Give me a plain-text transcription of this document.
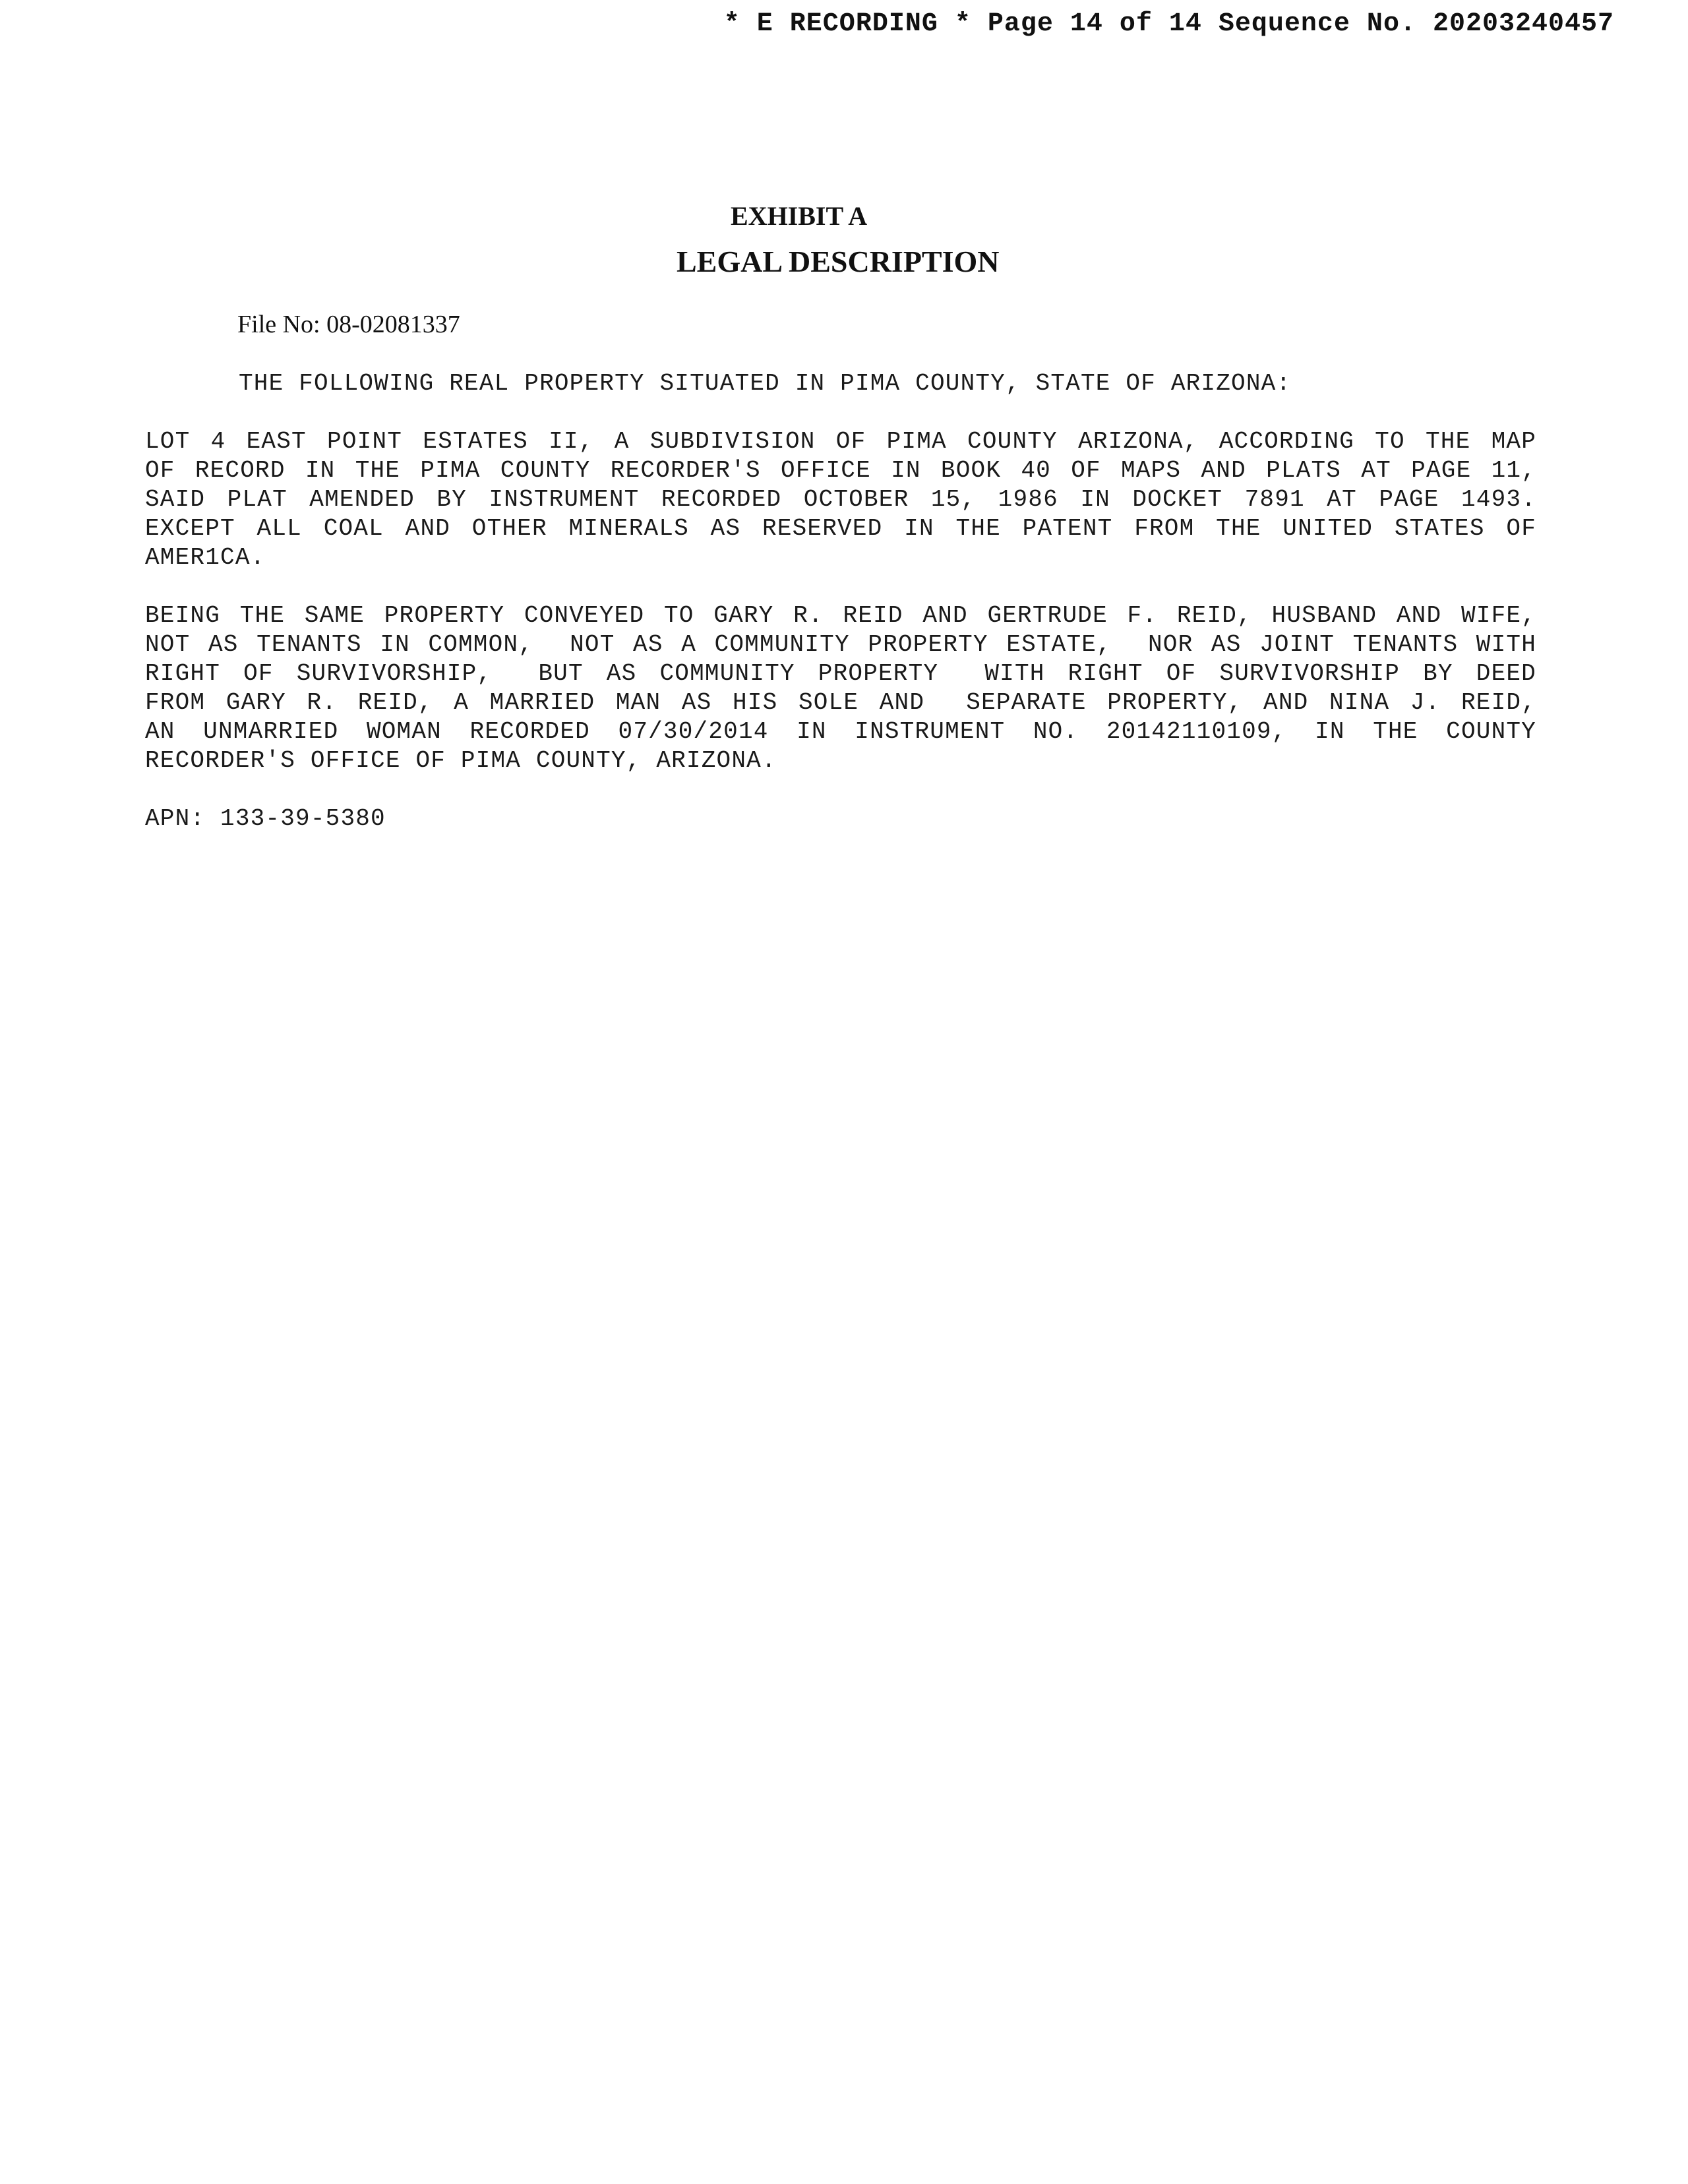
* E RECORDING * Page 14 of 14 Sequence No. 20203240457
EXHIBIT A
LEGAL DESCRIPTION
File No: 08-02081337
THE FOLLOWING REAL PROPERTY SITUATED IN PIMA COUNTY, STATE OF ARIZONA:
LOT 4 EAST POINT ESTATES II, A SUBDIVISION OF PIMA COUNTY ARIZONA, ACCORDING TO THE MAP
OF RECORD IN THE PIMA COUNTY RECORDER'S OFFICE IN BOOK 40 OF MAPS AND PLATS AT PAGE 11,
SAID PLAT AMENDED BY INSTRUMENT RECORDED OCTOBER 15, 1986 IN DOCKET 7891 AT PAGE 1493.
EXCEPT ALL COAL AND OTHER MINERALS AS RESERVED IN THE PATENT FROM THE UNITED STATES OF
AMER1CA.
BEING THE SAME PROPERTY CONVEYED TO GARY R. REID AND GERTRUDE F. REID, HUSBAND AND WIFE,
NOT AS TENANTS IN COMMON,  NOT AS A COMMUNITY PROPERTY ESTATE,  NOR AS JOINT TENANTS WITH
RIGHT OF SURVIVORSHIP,  BUT AS COMMUNITY PROPERTY  WITH RIGHT OF SURVIVORSHIP BY DEED
FROM GARY R. REID, A MARRIED MAN AS HIS SOLE AND  SEPARATE PROPERTY, AND NINA J. REID,
AN UNMARRIED WOMAN RECORDED 07/30/2014 IN INSTRUMENT NO. 20142110109, IN THE COUNTY
RECORDER'S OFFICE OF PIMA COUNTY, ARIZONA.
APN: 133-39-5380
